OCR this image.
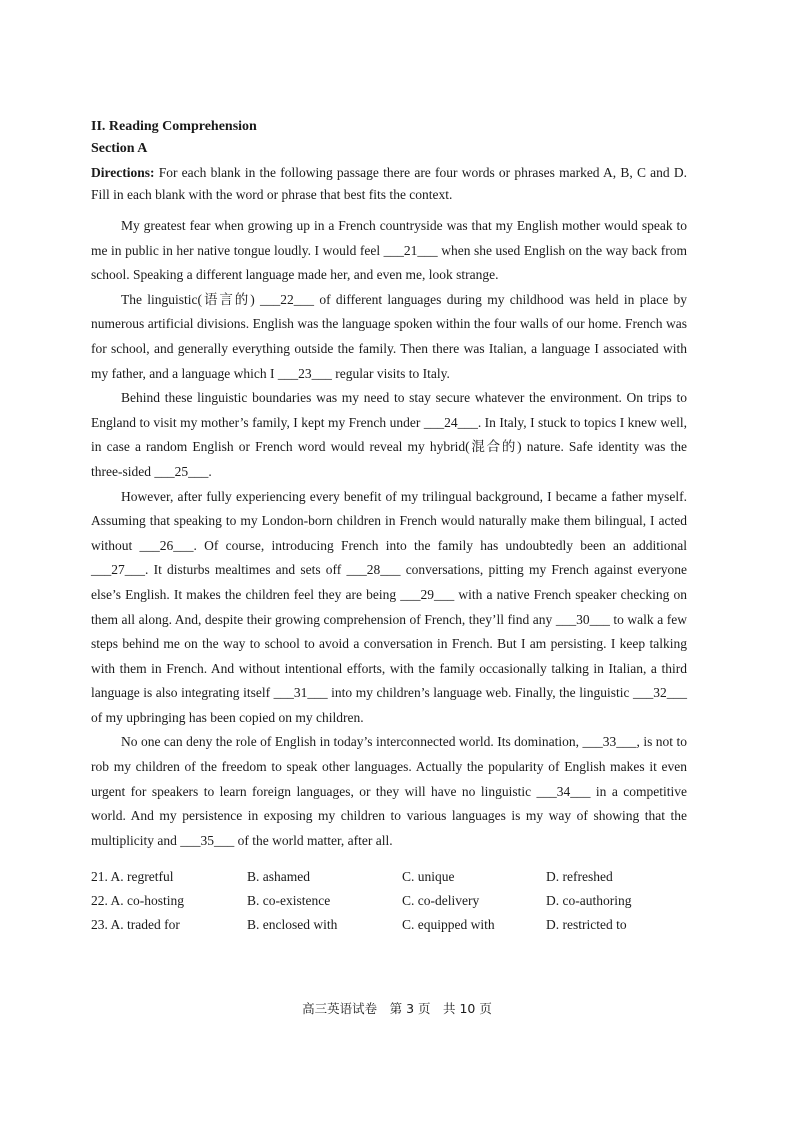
II. Reading Comprehension

Section A

Directions: For each blank in the following passage there are four words or phrases marked A, B, C and D. Fill in each blank with the word or phrase that best fits the context.

My greatest fear when growing up in a French countryside was that my English mother would speak to me in public in her native tongue loudly. I would feel ___21___ when she used English on the way back from school. Speaking a different language made her, and even me, look strange.

The linguistic(语言的) ___22___ of different languages during my childhood was held in place by numerous artificial divisions. English was the language spoken within the four walls of our home. French was for school, and generally everything outside the family. Then there was Italian, a language I associated with my father, and a language which I ___23___ regular visits to Italy.

Behind these linguistic boundaries was my need to stay secure whatever the environment. On trips to England to visit my mother’s family, I kept my French under ___24___. In Italy, I stuck to topics I knew well, in case a random English or French word would reveal my hybrid(混合的) nature. Safe identity was the three-sided ___25___.

However, after fully experiencing every benefit of my trilingual background, I became a father myself. Assuming that speaking to my London-born children in French would naturally make them bilingual, I acted without ___26___. Of course, introducing French into the family has undoubtedly been an additional ___27___. It disturbs mealtimes and sets off ___28___ conversations, pitting my French against everyone else’s English. It makes the children feel they are being ___29___ with a native French speaker checking on them all along. And, despite their growing comprehension of French, they’ll find any ___30___ to walk a few steps behind me on the way to school to avoid a conversation in French. But I am persisting. I keep talking with them in French. And without intentional efforts, with the family occasionally talking in Italian, a third language is also integrating itself ___31___ into my children’s language web. Finally, the linguistic ___32___ of my upbringing has been copied on my children.

No one can deny the role of English in today’s interconnected world. Its domination, ___33___, is not to rob my children of the freedom to speak other languages. Actually the popularity of English makes it even urgent for speakers to learn foreign languages, or they will have no linguistic ___34___ in a competitive world. And my persistence in exposing my children to various languages is my way of showing that the multiplicity and ___35___ of the world matter, after all.

21. A. regretful	B. ashamed	C. unique	D. refreshed
22. A. co-hosting	B. co-existence	C. co-delivery	D. co-authoring
23. A. traded for	B. enclosed with	C. equipped with	D. restricted to
高三英语试卷　第 3 页　共 10 页
